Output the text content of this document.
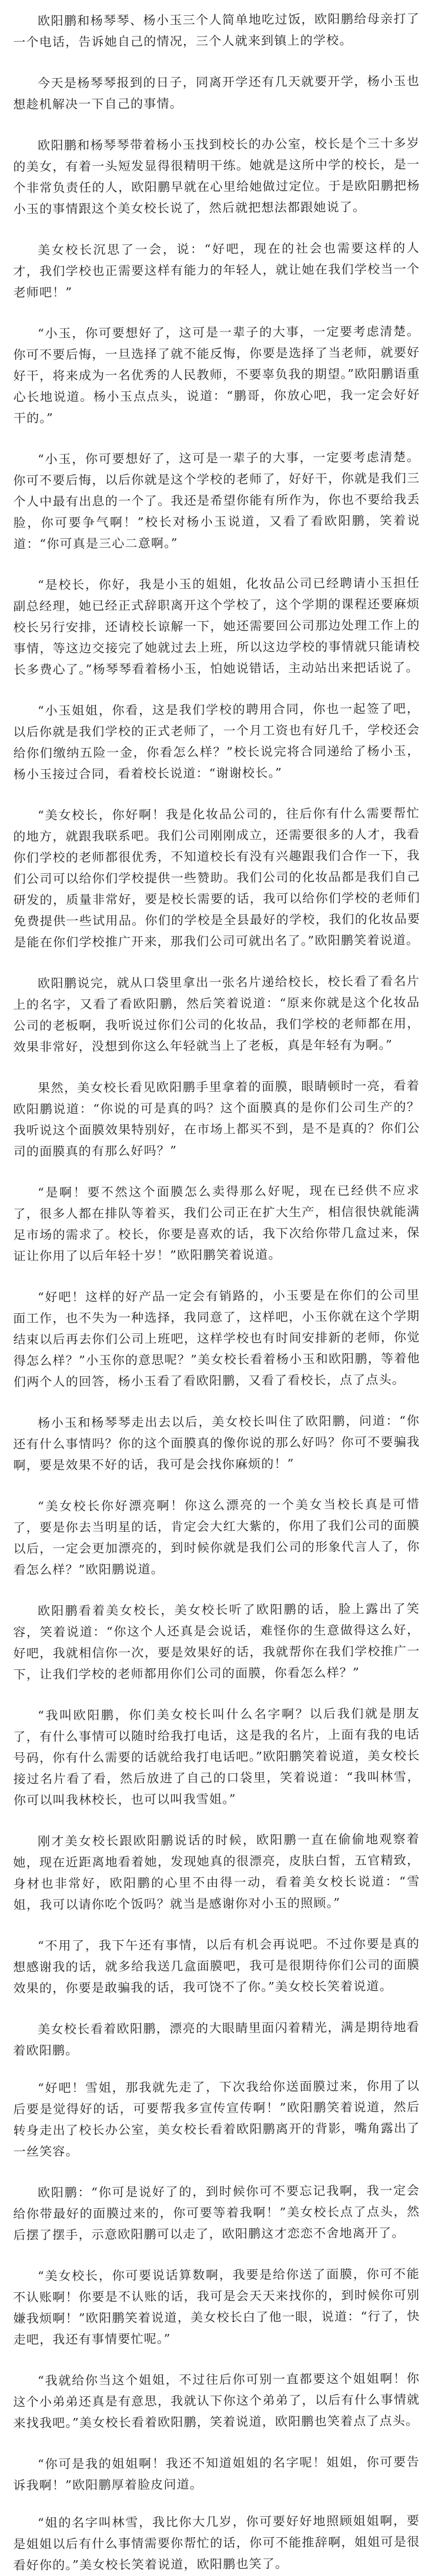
欧阳鹏和杨琴琴、杨小玉三个人简单地吃过饭，欧阳鹏给母亲打了一个电话，告诉她自己的情况，三个人就来到镇上的学校。

今天是杨琴琴报到的日子，同离开学还有几天就要开学，杨小玉也想趁机解决一下自己的事情。

欧阳鹏和杨琴琴带着杨小玉找到校长的办公室，校长是个三十多岁的美女，有着一头短发显得很精明干练。她就是这所中学的校长，是一个非常负责任的人，欧阳鹏早就在心里给她做过定位。于是欧阳鹏把杨小玉的事情跟这个美女校长说了，然后就把想法都跟她说了。

美女校长沉思了一会，说：“好吧，现在的社会也需要这样的人才，我们学校也正需要这样有能力的年轻人，就让她在我们学校当一个老师吧！”

“小玉，你可要想好了，这可是一辈子的大事，一定要考虑清楚。你可不要后悔，一旦选择了就不能反悔，你要是选择了当老师，就要好好干，将来成为一名优秀的人民教师，不要辜负我的期望。”欧阳鹏语重心长地说道。杨小玉点点头，说道：“鹏哥，你放心吧，我一定会好好干的。”

“小玉，你可要想好了，这可是一辈子的大事，一定要考虑清楚。你可不要后悔，以后你就是这个学校的老师了，好好干，你就是我们三个人中最有出息的一个了。我还是希望你能有所作为，你也不要给我丢脸，你可要争气啊！”校长对杨小玉说道，又看了看欧阳鹏，笑着说道：“你可真是三心二意啊。”

“是校长，你好，我是小玉的姐姐，化妆品公司已经聘请小玉担任副总经理，她已经正式辞职离开这个学校了，这个学期的课程还要麻烦校长另行安排，还请校长谅解一下，她还需要回公司那边处理工作上的事情，等这边交接完了她就过去上班，所以这边学校的事情就只能请校长多费心了。”杨琴琴看着杨小玉，怕她说错话，主动站出来把话说了。

“小玉姐姐，你看，这是我们学校的聘用合同，你也一起签了吧，以后你就是我们学校的正式老师了，一个月工资也有好几千，学校还会给你们缴纳五险一金，你看怎么样？”校长说完将合同递给了杨小玉，杨小玉接过合同，看着校长说道：“谢谢校长。”

“美女校长，你好啊！我是化妆品公司的，往后你有什么需要帮忙的地方，就跟我联系吧。我们公司刚刚成立，还需要很多的人才，我看你们学校的老师都很优秀，不知道校长有没有兴趣跟我们合作一下，我们公司可以给你们学校提供一些赞助。我们公司的化妆品都是我们自己研发的，质量非常好，要是校长需要的话，我可以给你们学校的老师们免费提供一些试用品。你们的学校是全县最好的学校，我们的化妆品要是能在你们学校推广开来，那我们公司可就出名了。”欧阳鹏笑着说道。

欧阳鹏说完，就从口袋里拿出一张名片递给校长，校长看了看名片上的名字，又看了看欧阳鹏，然后笑着说道：“原来你就是这个化妆品公司的老板啊，我听说过你们公司的化妆品，我们学校的老师都在用，效果非常好，没想到你这么年轻就当上了老板，真是年轻有为啊。”

果然，美女校长看见欧阳鹏手里拿着的面膜，眼睛顿时一亮，看着欧阳鹏说道：“你说的可是真的吗？这个面膜真的是你们公司生产的？我听说这个面膜效果特别好，在市场上都买不到，是不是真的？你们公司的面膜真的有那么好吗？”

“是啊！要不然这个面膜怎么卖得那么好呢，现在已经供不应求了，很多人都在排队等着买，我们公司正在扩大生产，相信很快就能满足市场的需求了。校长，你要是喜欢的话，我下次给你带几盒过来，保证让你用了以后年轻十岁！”欧阳鹏笑着说道。

“好吧！这样的好产品一定会有销路的，小玉要是在你们的公司里面工作，也不失为一种选择，我同意了，这样吧，小玉你就在这个学期结束以后再去你们公司上班吧，这样学校也有时间安排新的老师，你觉得怎么样？”小玉你的意思呢？”美女校长看着杨小玉和欧阳鹏，等着他们两个人的回答，杨小玉看了看欧阳鹏，又看了看校长，点了点头。

杨小玉和杨琴琴走出去以后，美女校长叫住了欧阳鹏，问道：“你还有什么事情吗？你的这个面膜真的像你说的那么好吗？你可不要骗我啊，要是效果不好的话，我可是会找你麻烦的！”

“美女校长你好漂亮啊！你这么漂亮的一个美女当校长真是可惜了，要是你去当明星的话，肯定会大红大紫的，你用了我们公司的面膜以后，一定会更加漂亮的，到时候你就是我们公司的形象代言人了，你看怎么样？”欧阳鹏说道。

欧阳鹏看着美女校长，美女校长听了欧阳鹏的话，脸上露出了笑容，笑着说道：“你这个人还真是会说话，难怪你的生意做得这么好，好吧，我就相信你一次，要是效果好的话，我就帮你在我们学校推广一下，让我们学校的老师都用你们公司的面膜，你看怎么样？”

“我叫欧阳鹏，你们美女校长叫什么名字啊？以后我们就是朋友了，有什么事情可以随时给我打电话，这是我的名片，上面有我的电话号码，你有什么需要的话就给我打电话吧。”欧阳鹏笑着说道，美女校长接过名片看了看，然后放进了自己的口袋里，笑着说道：“我叫林雪，你可以叫我林校长，也可以叫我雪姐。”

刚才美女校长跟欧阳鹏说话的时候，欧阳鹏一直在偷偷地观察着她，现在近距离地看着她，发现她真的很漂亮，皮肤白皙，五官精致，身材也非常好，欧阳鹏的心里不由得一动，看着美女校长说道：“雪姐，我可以请你吃个饭吗？就当是感谢你对小玉的照顾。”

“不用了，我下午还有事情，以后有机会再说吧。不过你要是真的想感谢我的话，就多给我送几盒面膜吧，我可是很期待你们公司的面膜效果的，你要是敢骗我的话，我可饶不了你。”美女校长笑着说道。

美女校长看着欧阳鹏，漂亮的大眼睛里面闪着精光，满是期待地看着欧阳鹏。

“好吧！雪姐，那我就先走了，下次我给你送面膜过来，你用了以后要是觉得好的话，可要帮我多宣传宣传啊！”欧阳鹏笑着说道，然后转身走出了校长办公室，美女校长看着欧阳鹏离开的背影，嘴角露出了一丝笑容。

欧阳鹏：“你可是说好了的，到时候你可不要忘记我啊，我一定会给你带最好的面膜过来的，你可要等着我啊！”美女校长点了点头，然后摆了摆手，示意欧阳鹏可以走了，欧阳鹏这才恋恋不舍地离开了。

“美女校长，你可要说话算数啊，我要是给你送了面膜，你可不能不认账啊！你要是不认账的话，我可是会天天来找你的，到时候你可别嫌我烦啊！”欧阳鹏笑着说道，美女校长白了他一眼，说道：“行了，快走吧，我还有事情要忙呢。”

“我就给你当这个姐姐，不过往后你可别一直都要这个姐姐啊！你这个小弟弟还真是有意思，我就认下你这个弟弟了，以后有什么事情就来找我吧。”美女校长看着欧阳鹏，笑着说道，欧阳鹏也笑着点了点头。

“你可是我的姐姐啊！我还不知道姐姐的名字呢！姐姐，你可要告诉我啊！”欧阳鹏厚着脸皮问道。

“姐的名字叫林雪，我比你大几岁，你可要好好地照顾姐姐啊，要是姐姐以后有什么事情需要你帮忙的话，你可不能推辞啊，姐姐可是很看好你的。”美女校长笑着说道，欧阳鹏也笑了。
